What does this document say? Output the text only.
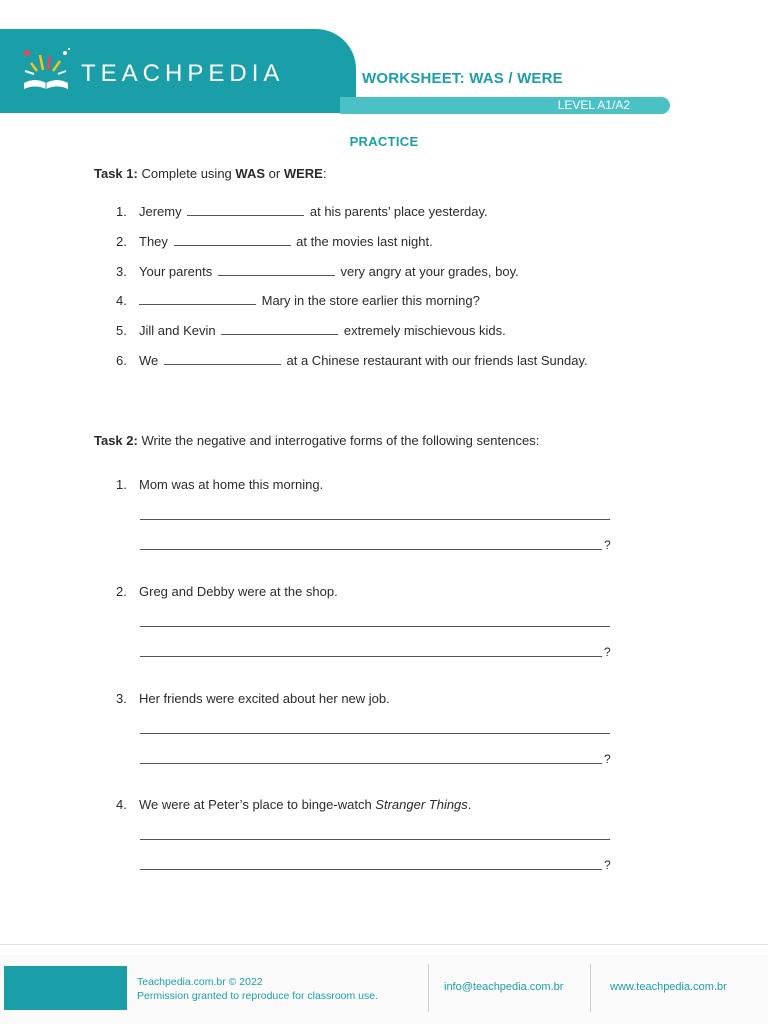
TEACHPEDIA	WORKSHEET: WAS / WERE
LEVEL A1/A2
PRACTICE
Task 1: Complete using WAS or WERE:
1. Jeremy	at his parents’ place yesterday.
2. They	at the movies last night.
3. Your parents	very angry at your grades, boy.
4.	Mary in the store earlier this morning?
5. Jill and Kevin	extremely mischievous kids.
6. We	at a Chinese restaurant with our friends last Sunday.
Task 2: Write the negative and interrogative forms of the following sentences:
1. Mom was at home this morning.
?
2. Greg and Debby were at the shop.
?
3. Her friends were excited about her new job.
?
4. We were at Peter’s place to binge-watch Stranger Things.
?
Teachpedia.com.br © 2022
Permission granted to reproduce for classroom use.
info@teachpedia.com.br	www.teachpedia.com.br
